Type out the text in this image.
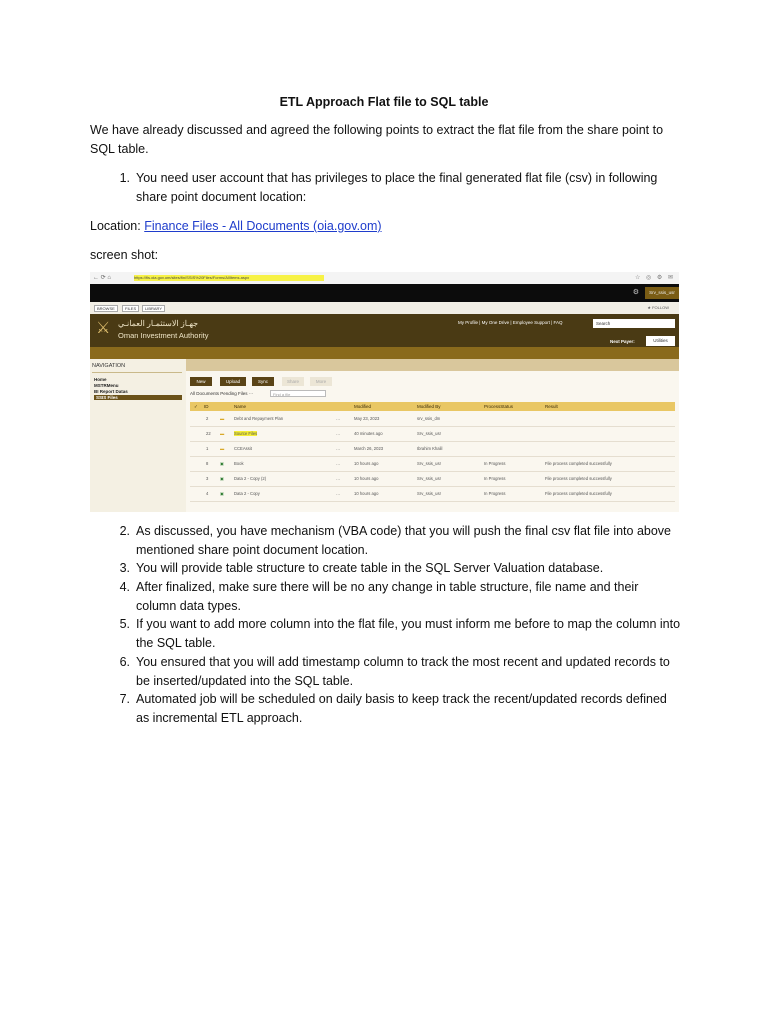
ETL Approach Flat file to SQL table
We have already discussed and agreed the following points to extract the flat file from the share point to SQL table.
1. You need user account that has privileges to place the final generated flat file (csv) in following share point document location:
Location: Finance Files - All Documents (oia.gov.om)
screen shot:
← ⟳ ⌂	https://fis.oia.gov.om/sites/fin/SSIS%20Files/Forms/AllItems.aspx	☆ ◎ ⚙ ✉
⚙	Srv_ssis_usr
BROWSE	FILES	LIBRARY	★ FOLLOW
⚔ جهـاز الاستثمـار العمانـي
Oman Investment Authority
My Profile | My One Drive | Employee Support | FAQ	Search
Next Payer:	Utilities
NAVIGATION
Home
MSTRMenu
BI Report Datas
SSIS Files
New	Upload	Sync	Share	More
All Documents Pending Files ···	Find a file
✓ ID	Name	Modified	Modified By	ProcessStatus	Result
2	▬ Debt and Repayment Plan	…	May 23, 2023	srv_ssis_dm
22 ▬ Source Files	…	40 minutes ago	Srv_ssis_usr
1	▬ CCEAssit	…	March 26, 2023	Ibrahim Khalil
8	▣ Book	…	10 hours ago	Srv_ssis_usr	In Progress	File process completed successfully
3	▣ Data 2 - Copy (2)	…	10 hours ago	Srv_ssis_usr	In Progress	File process completed successfully
4	▣ Data 2 - Copy	…	10 hours ago	Srv_ssis_usr	In Progress	File process completed successfully
2. As discussed, you have mechanism (VBA code) that you will push the final csv flat file into above mentioned share point document location.
3. You will provide table structure to create table in the SQL Server Valuation database.
4. After finalized, make sure there will be no any change in table structure, file name and their column data types.
5. If you want to add more column into the flat file, you must inform me before to map the column into the SQL table.
6. You ensured that you will add timestamp column to track the most recent and updated records to be inserted/updated into the SQL table.
7. Automated job will be scheduled on daily basis to keep track the recent/updated records defined as incremental ETL approach.
